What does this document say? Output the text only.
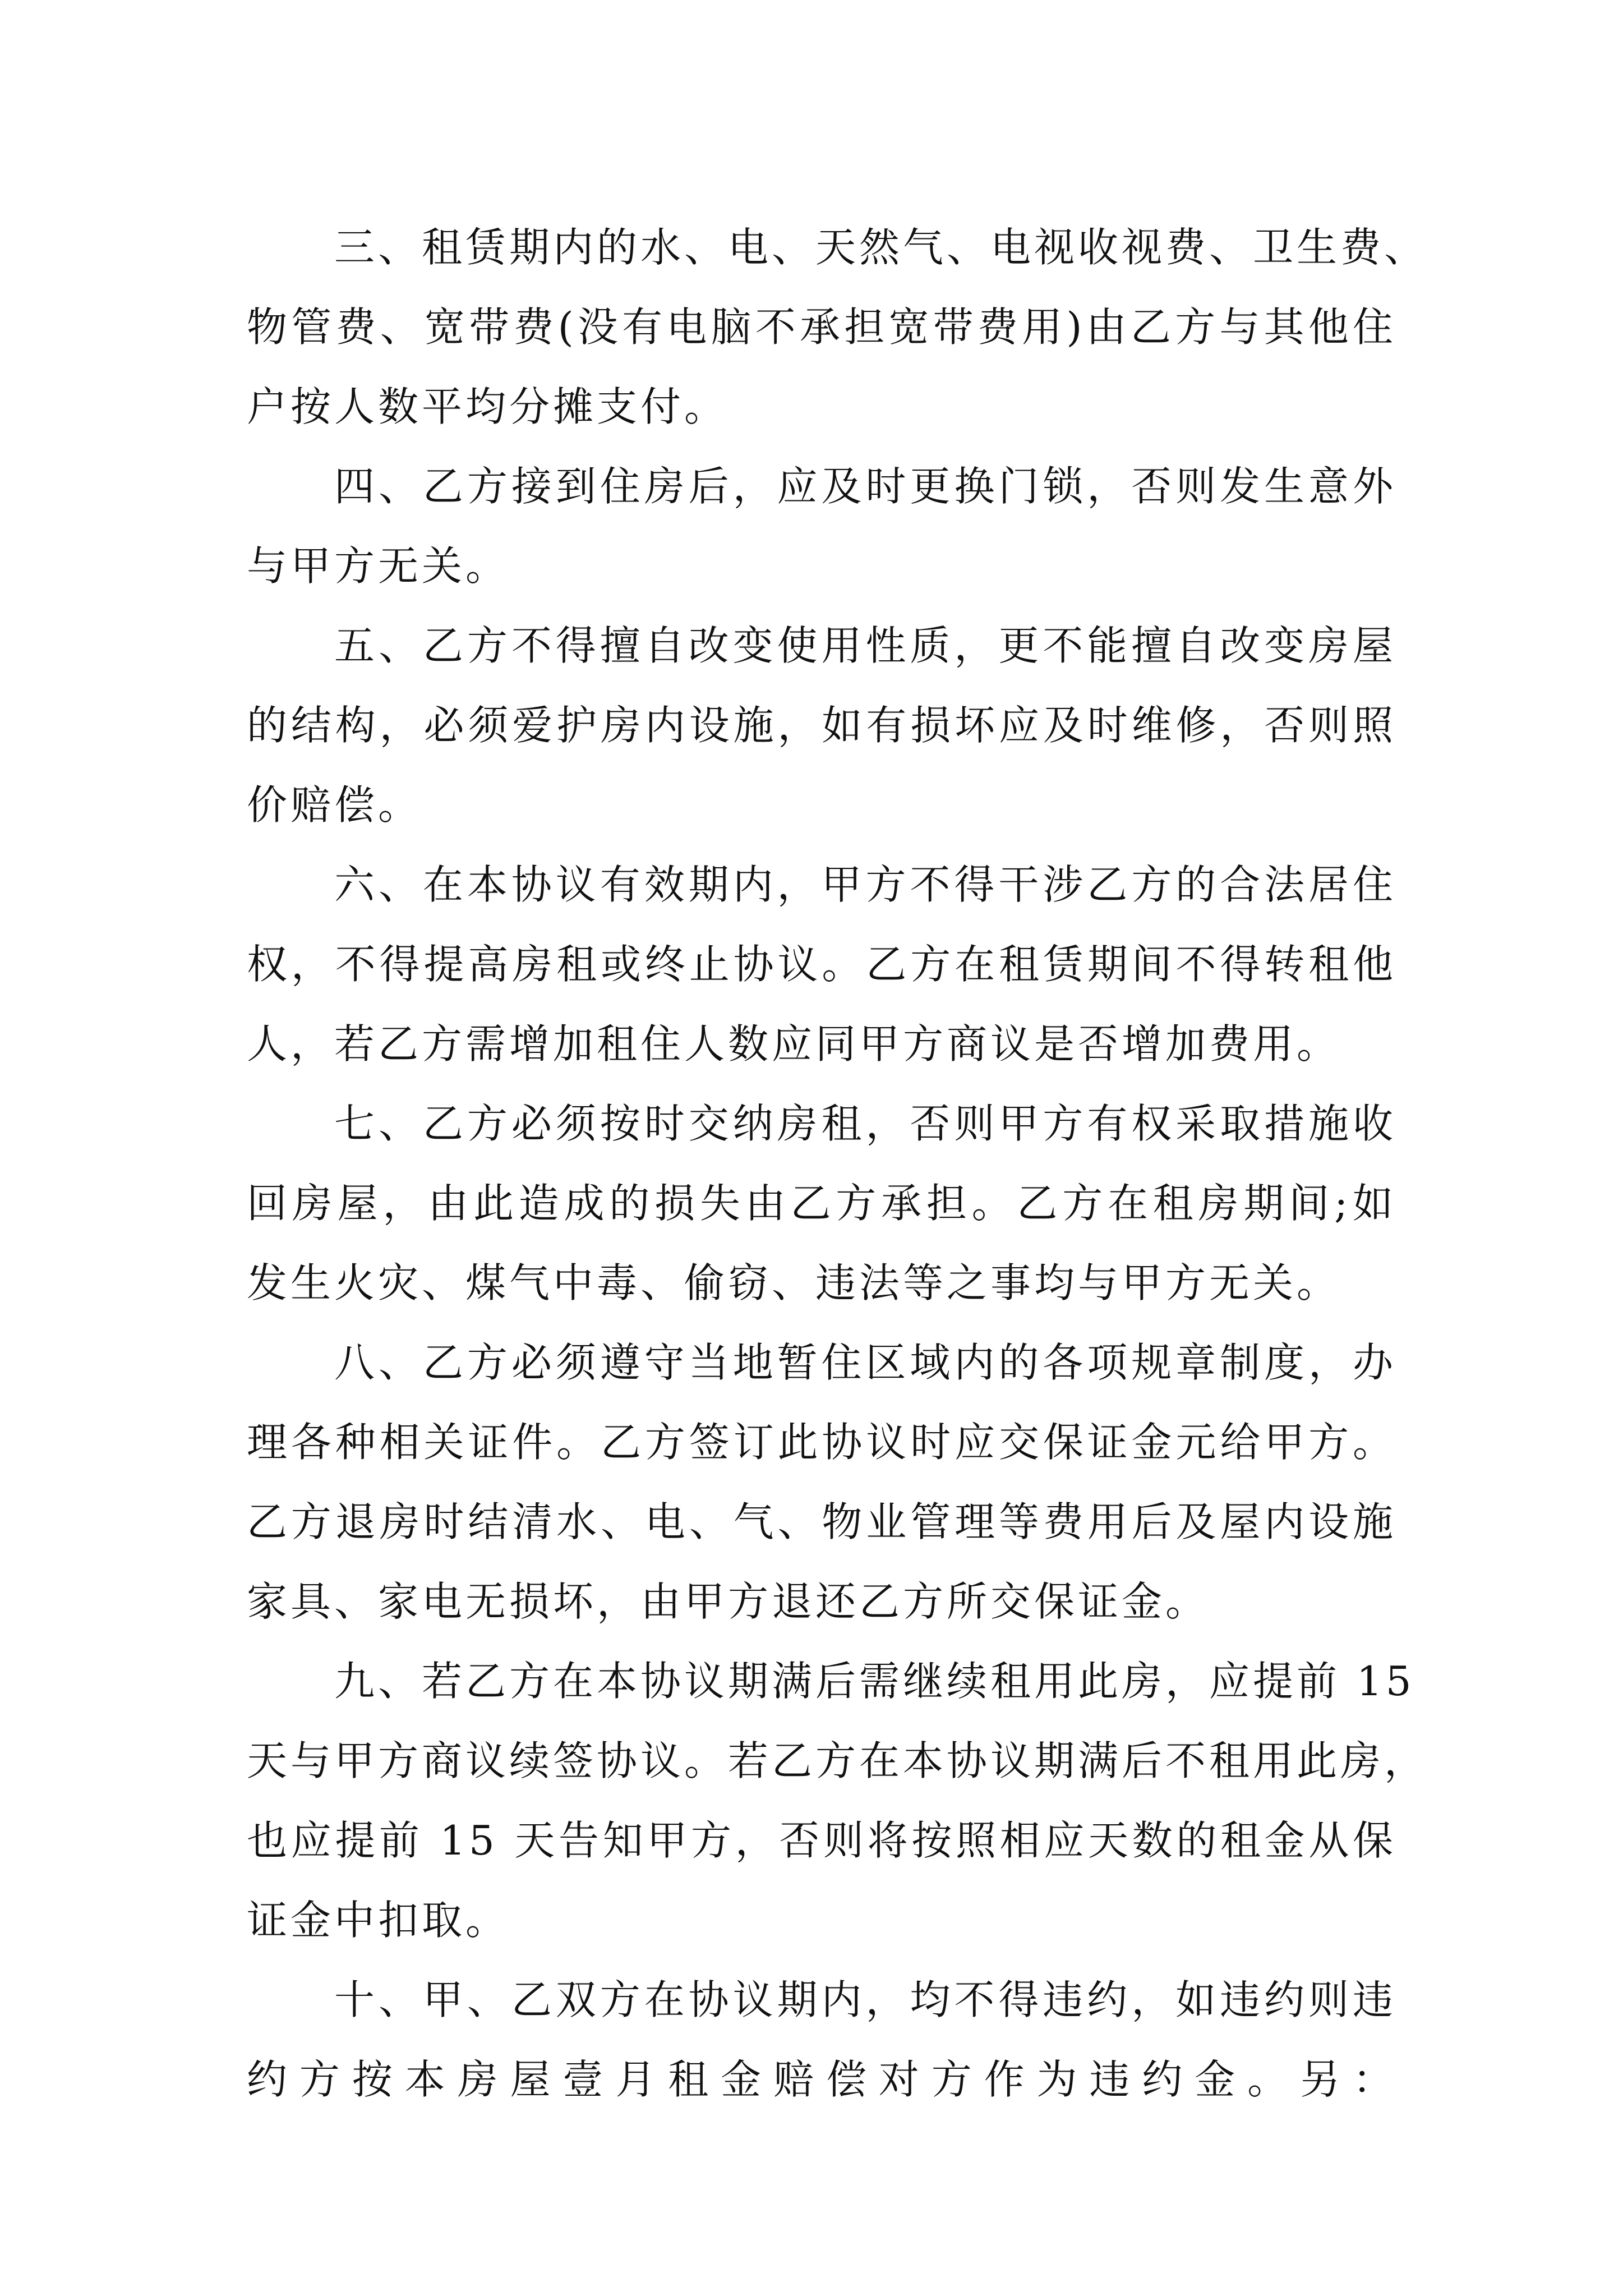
三、租赁期内的水、电、天然气、电视收视费、卫生费、
物管费、宽带费(没有电脑不承担宽带费用)由乙方与其他住
户按人数平均分摊支付。
四、乙方接到住房后，应及时更换门锁，否则发生意外
与甲方无关。
五、乙方不得擅自改变使用性质，更不能擅自改变房屋
的结构，必须爱护房内设施，如有损坏应及时维修，否则照
价赔偿。
六、在本协议有效期内，甲方不得干涉乙方的合法居住
权，不得提高房租或终止协议。乙方在租赁期间不得转租他
人，若乙方需增加租住人数应同甲方商议是否增加费用。
七、乙方必须按时交纳房租，否则甲方有权采取措施收
回房屋，由此造成的损失由乙方承担。乙方在租房期间;如
发生火灾、煤气中毒、偷窃、违法等之事均与甲方无关。
八、乙方必须遵守当地暂住区域内的各项规章制度，办
理各种相关证件。乙方签订此协议时应交保证金元给甲方。
乙方退房时结清水、电、气、物业管理等费用后及屋内设施
家具、家电无损坏，由甲方退还乙方所交保证金。
九、若乙方在本协议期满后需继续租用此房，应提前 15
天与甲方商议续签协议。若乙方在本协议期满后不租用此房，
也应提前 15 天告知甲方，否则将按照相应天数的租金从保
证金中扣取。
十、甲、乙双方在协议期内，均不得违约，如违约则违
约方按本房屋壹月租金赔偿对方作为违约金。另：
